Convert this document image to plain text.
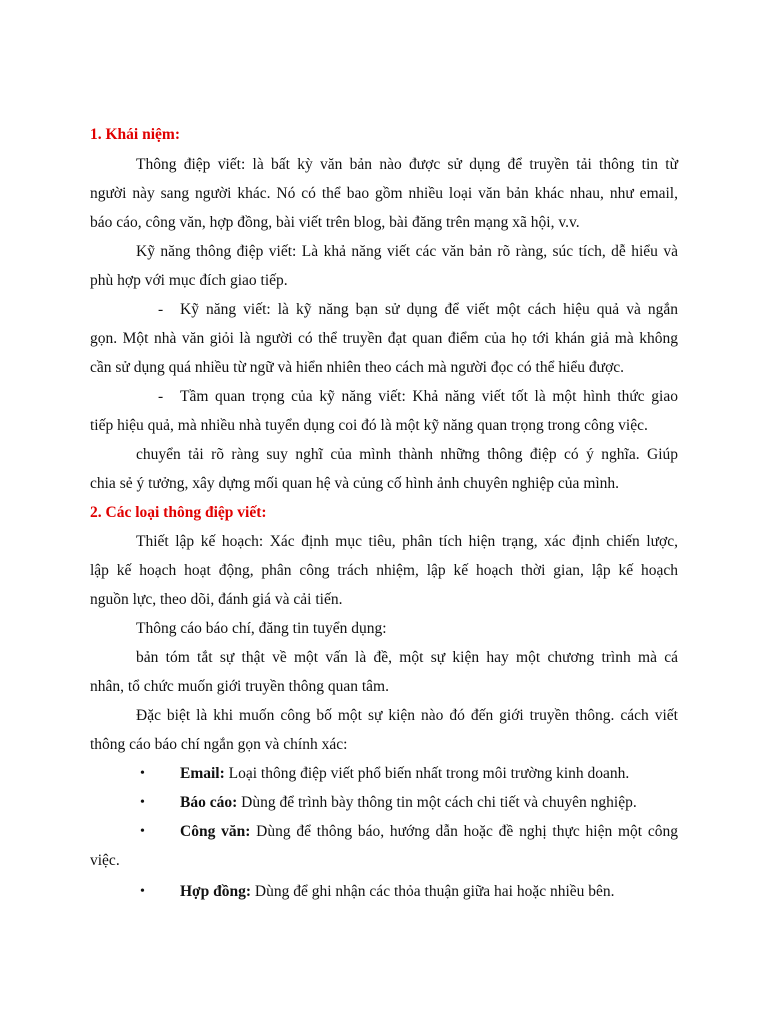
1. Khái niệm:
Thông điệp viết: là bất kỳ văn bản nào được sử dụng để truyền tải thông tin từ
người này sang người khác. Nó có thể bao gồm nhiều loại văn bản khác nhau, như email,
báo cáo, công văn, hợp đồng, bài viết trên blog, bài đăng trên mạng xã hội, v.v.
Kỹ năng thông điệp viết: Là khả năng viết các văn bản rõ ràng, súc tích, dễ hiểu và
phù hợp với mục đích giao tiếp.
- Kỹ năng viết: là kỹ năng bạn sử dụng để viết một cách hiệu quả và ngắn
gọn. Một nhà văn giỏi là người có thể truyền đạt quan điểm của họ tới khán giả mà không
cần sử dụng quá nhiều từ ngữ và hiển nhiên theo cách mà người đọc có thể hiểu được.
- Tầm quan trọng của kỹ năng viết: Khả năng viết tốt là một hình thức giao
tiếp hiệu quả, mà nhiều nhà tuyển dụng coi đó là một kỹ năng quan trọng trong công việc.
chuyển tải rõ ràng suy nghĩ của mình thành những thông điệp có ý nghĩa. Giúp
chia sẻ ý tưởng, xây dựng mối quan hệ và củng cố hình ảnh chuyên nghiệp của mình.
2. Các loại thông điệp viết:
Thiết lập kế hoạch: Xác định mục tiêu, phân tích hiện trạng, xác định chiến lược,
lập kế hoạch hoạt động, phân công trách nhiệm, lập kế hoạch thời gian, lập kế hoạch
nguồn lực, theo dõi, đánh giá và cải tiến.
Thông cáo báo chí, đăng tin tuyển dụng:
bản tóm tắt sự thật về một vấn là đề, một sự kiện hay một chương trình mà cá
nhân, tổ chức muốn giới truyền thông quan tâm.
Đặc biệt là khi muốn công bố một sự kiện nào đó đến giới truyền thông. cách viết
thông cáo báo chí ngắn gọn và chính xác:
• Email: Loại thông điệp viết phổ biến nhất trong môi trường kinh doanh.
• Báo cáo: Dùng để trình bày thông tin một cách chi tiết và chuyên nghiệp.
• Công văn: Dùng để thông báo, hướng dẫn hoặc đề nghị thực hiện một công
việc.
• Hợp đồng: Dùng để ghi nhận các thỏa thuận giữa hai hoặc nhiều bên.
